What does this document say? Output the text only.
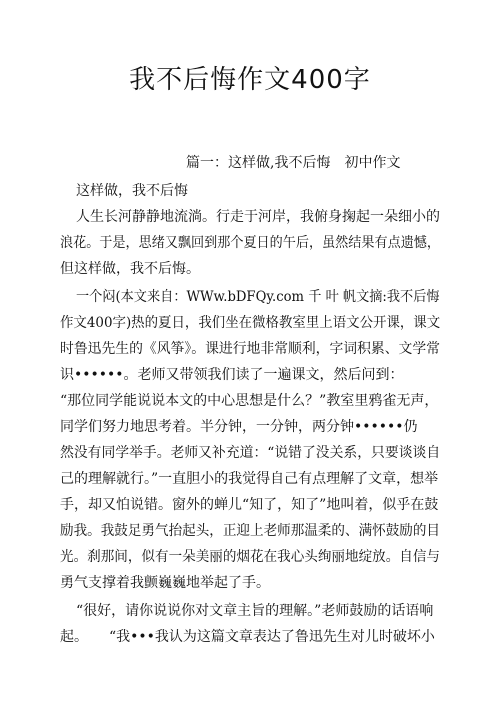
我不后悔作文400字
篇一：这样做,我不后悔　初中作文
这样做，我不后悔
人生长河静静地流淌。行走于河岸，我俯身掬起一朵细小的
浪花。于是，思绪又飘回到那个夏日的午后，虽然结果有点遗憾，
但这样做，我不后悔。
一个闷(本文来自：WWw.bDFQy.com 千 叶 帆文摘:我不后悔
作文400字)热的夏日，我们坐在微格教室里上语文公开课，课文
时鲁迅先生的《风筝》。课进行地非常顺利，字词积累、文学常
识••••••。老师又带领我们读了一遍课文，然后问到：
“那位同学能说说本文的中心思想是什么？”教室里鸦雀无声，
同学们努力地思考着。半分钟，一分钟，两分钟••••••仍
然没有同学举手。老师又补充道：“说错了没关系，只要谈谈自
己的理解就行。”一直胆小的我觉得自己有点理解了文章，想举
手，却又怕说错。窗外的蝉儿“知了，知了”地叫着，似乎在鼓
励我。我鼓足勇气抬起头，正迎上老师那温柔的、满怀鼓励的目
光。刹那间，似有一朵美丽的烟花在我心头绚丽地绽放。自信与
勇气支撑着我颤巍巍地举起了手。
“很好，请你说说你对文章主旨的理解。”老师鼓励的话语响
起。　　“我•••我认为这篇文章表达了鲁迅先生对儿时破坏小
